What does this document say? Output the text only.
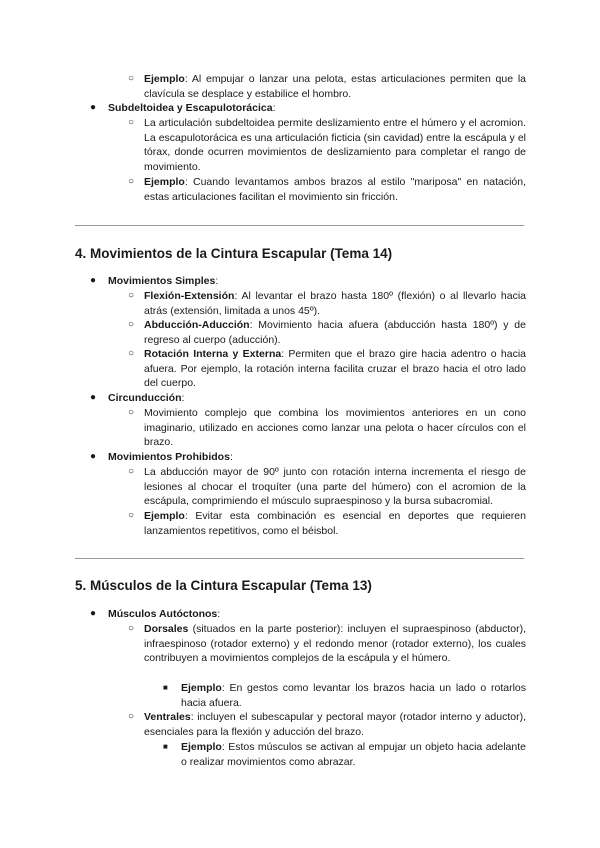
○ Ejemplo: Al empujar o lanzar una pelota, estas articulaciones permiten que la clavícula se desplace y estabilice el hombro.
● Subdeltoidea y Escapulotorácica:
○ La articulación subdeltoidea permite deslizamiento entre el húmero y el acromion. La escapulotorácica es una articulación ficticia (sin cavidad) entre la escápula y el tórax, donde ocurren movimientos de deslizamiento para completar el rango de movimiento.
○ Ejemplo: Cuando levantamos ambos brazos al estilo "mariposa" en natación, estas articulaciones facilitan el movimiento sin fricción.
4. Movimientos de la Cintura Escapular (Tema 14)
● Movimientos Simples:
○ Flexión-Extensión: Al levantar el brazo hasta 180º (flexión) o al llevarlo hacia atrás (extensión, limitada a unos 45º).
○ Abducción-Aducción: Movimiento hacia afuera (abducción hasta 180º) y de regreso al cuerpo (aducción).
○ Rotación Interna y Externa: Permiten que el brazo gire hacia adentro o hacia afuera. Por ejemplo, la rotación interna facilita cruzar el brazo hacia el otro lado del cuerpo.
● Circunducción:
○ Movimiento complejo que combina los movimientos anteriores en un cono imaginario, utilizado en acciones como lanzar una pelota o hacer círculos con el brazo.
● Movimientos Prohibidos:
○ La abducción mayor de 90º junto con rotación interna incrementa el riesgo de lesiones al chocar el troquíter (una parte del húmero) con el acromion de la escápula, comprimiendo el músculo supraespinoso y la bursa subacromial.
○ Ejemplo: Evitar esta combinación es esencial en deportes que requieren lanzamientos repetitivos, como el béisbol.
5. Músculos de la Cintura Escapular (Tema 13)
● Músculos Autóctonos:
○ Dorsales (situados en la parte posterior): incluyen el supraespinoso (abductor), infraespinoso (rotador externo) y el redondo menor (rotador externo), los cuales contribuyen a movimientos complejos de la escápula y el húmero.
■ Ejemplo: En gestos como levantar los brazos hacia un lado o rotarlos hacia afuera.
○ Ventrales: incluyen el subescapular y pectoral mayor (rotador interno y aductor), esenciales para la flexión y aducción del brazo.
■ Ejemplo: Estos músculos se activan al empujar un objeto hacia adelante o realizar movimientos como abrazar.
